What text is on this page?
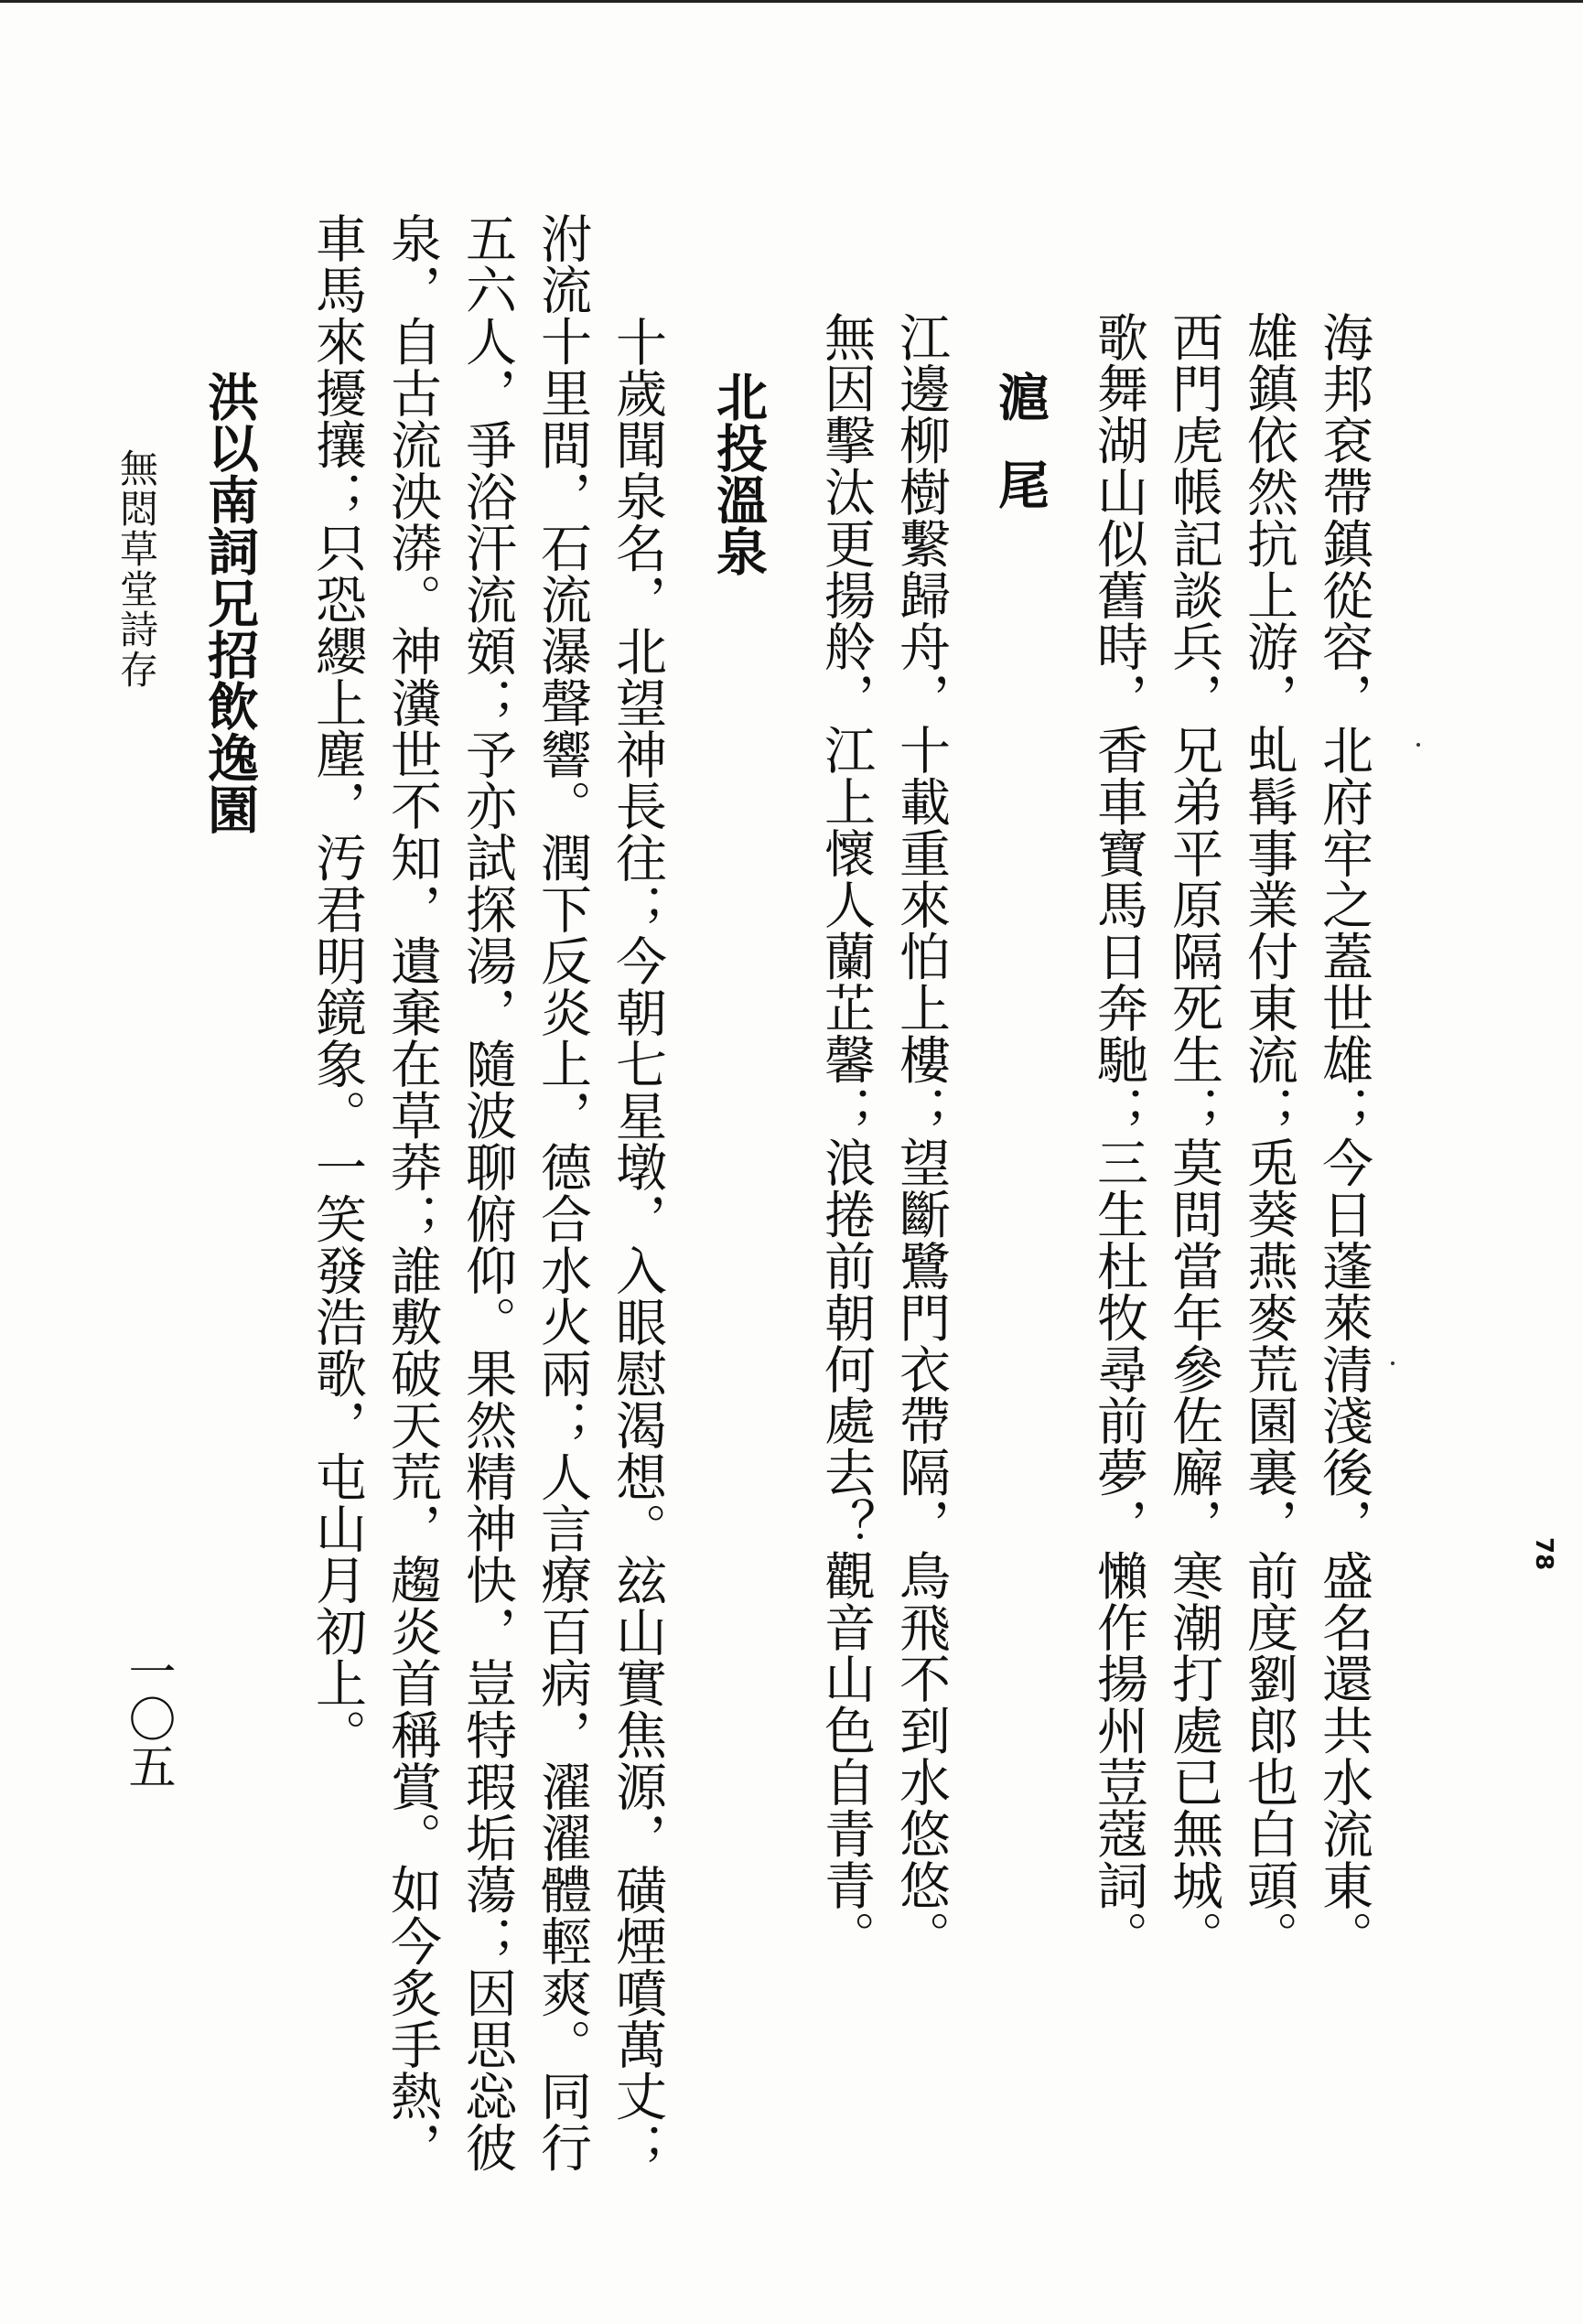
78
海邦袞帶鎮從容，北府牢之蓋世雄；今日蓬萊清淺後，盛名還共水流東。
雄鎮依然抗上游，虬髯事業付東流；兎葵燕麥荒園裏，前度劉郎也白頭。
西門虎帳記談兵，兄弟平原隔死生；莫問當年參佐廨，寒潮打處已無城。
歌舞湖山似舊時，香車寶馬日奔馳；三生杜牧尋前夢，懶作揚州荳蔻詞。
滬尾
江邊柳樹繫歸舟，十載重來怕上樓；望斷鷺門衣帶隔，鳥飛不到水悠悠。
無因擊汰更揚舲，江上懷人蘭芷馨；浪捲前朝何處去？觀音山色自青青。
北投溫泉
十歲聞泉名，北望神長往；今朝七星墩，入眼慰渴想。玆山實焦源，磺煙噴萬丈；
泭流十里間，石流瀑聲響。潤下反炎上，德合水火兩；人言療百病，濯濯體輕爽。同行
五六人，爭浴汗流頞；予亦試探湯，隨波聊俯仰。果然精神快，豈特瑕垢蕩；因思惢彼
泉，自古流泱漭。神瀵世不知，遺棄在草莽；誰敷破天荒，趨炎首稱賞。如今炙手熱，
車馬來擾攘；只恐纓上塵，汚君明鏡象。一笑發浩歌，屯山月初上。
洪以南詞兄招飲逸園
無悶草堂詩存
一〇五
